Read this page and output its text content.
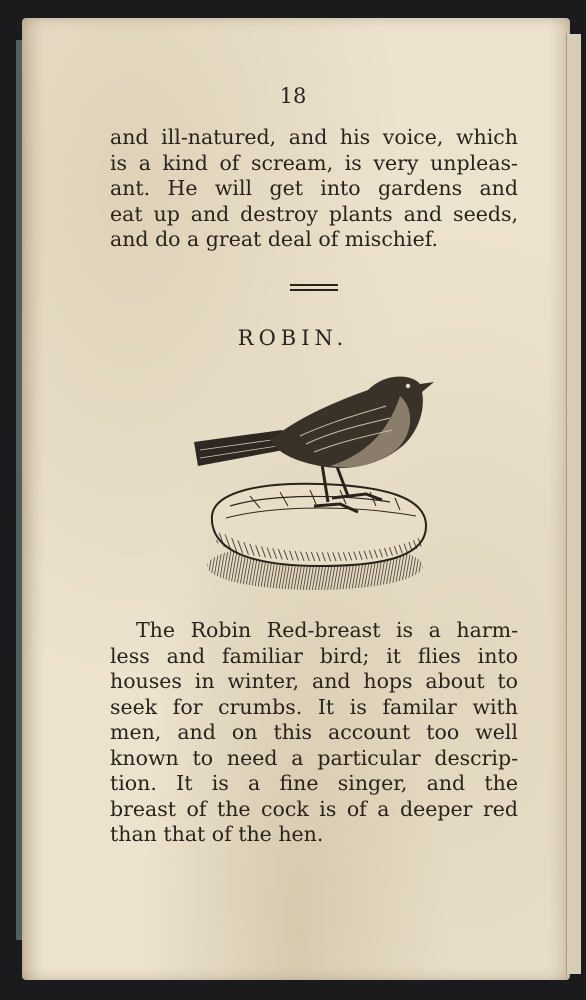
18
and ill-natured, and his voice, which
is a kind of scream, is very unpleas-
ant. He will get into gardens and
eat up and destroy plants and seeds,
and do a great deal of mischief.
ROBIN.
The Robin Red-breast is a harm-
less and familiar bird; it flies into
houses in winter, and hops about to
seek for crumbs. It is familar with
men, and on this account too well
known to need a particular descrip-
tion. It is a fine singer, and the
breast of the cock is of a deeper red
than that of the hen.
